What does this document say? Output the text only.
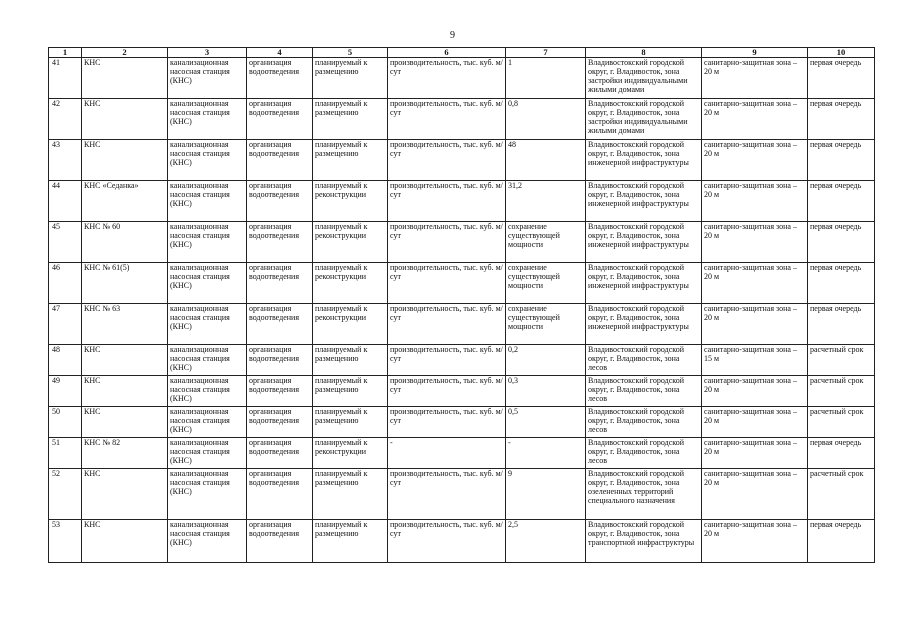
9
1	2	3	4	5	6	7	8	9	10
41	КНС	канализационная насосная станция (КНС)	организация водоотведения	планируемый к размещению	производительность, тыс. куб. м/сут	1	Владивостокский городской округ, г. Владивосток, зона застройки индивидуальными жилыми домами	санитарно-защитная зона – 20 м	первая очередь
42	КНС	канализационная насосная станция (КНС)	организация водоотведения	планируемый к размещению	производительность, тыс. куб. м/сут	0,8	Владивостокский городской округ, г. Владивосток, зона застройки индивидуальными жилыми домами	санитарно-защитная зона – 20 м	первая очередь
43	КНС	канализационная насосная станция (КНС)	организация водоотведения	планируемый к размещению	производительность, тыс. куб. м/сут	48	Владивостокский городской округ, г. Владивосток, зона инженерной инфраструктуры	санитарно-защитная зона – 20 м	первая очередь
44	КНС «Седанка»	канализационная насосная станция (КНС)	организация водоотведения	планируемый к реконструкции	производительность, тыс. куб. м/сут	31,2	Владивостокский городской округ, г. Владивосток, зона инженерной инфраструктуры	санитарно-защитная зона – 20 м	первая очередь
45	КНС № 60	канализационная насосная станция (КНС)	организация водоотведения	планируемый к реконструкции	производительность, тыс. куб. м/сут	сохранение существующей мощности	Владивостокский городской округ, г. Владивосток, зона инженерной инфраструктуры	санитарно-защитная зона – 20 м	первая очередь
46	КНС № 61(5)	канализационная насосная станция (КНС)	организация водоотведения	планируемый к реконструкции	производительность, тыс. куб. м/сут	сохранение существующей мощности	Владивостокский городской округ, г. Владивосток, зона инженерной инфраструктуры	санитарно-защитная зона – 20 м	первая очередь
47	КНС № 63	канализационная насосная станция (КНС)	организация водоотведения	планируемый к реконструкции	производительность, тыс. куб. м/сут	сохранение существующей мощности	Владивостокский городской округ, г. Владивосток, зона инженерной инфраструктуры	санитарно-защитная зона – 20 м	первая очередь
48	КНС	канализационная насосная станция (КНС)	организация водоотведения	планируемый к размещению	производительность, тыс. куб. м/сут	0,2	Владивостокский городской округ, г. Владивосток, зона лесов	санитарно-защитная зона – 15 м	расчетный срок
49	КНС	канализационная насосная станция (КНС)	организация водоотведения	планируемый к размещению	производительность, тыс. куб. м/сут	0,3	Владивостокский городской округ, г. Владивосток, зона лесов	санитарно-защитная зона – 20 м	расчетный срок
50	КНС	канализационная насосная станция (КНС)	организация водоотведения	планируемый к размещению	производительность, тыс. куб. м/сут	0,5	Владивостокский городской округ, г. Владивосток, зона лесов	санитарно-защитная зона – 20 м	расчетный срок
51	КНС № 82	канализационная насосная станция (КНС)	организация водоотведения	планируемый к реконструкции	-	-	Владивостокский городской округ, г. Владивосток, зона лесов	санитарно-защитная зона – 20 м	первая очередь
52	КНС	канализационная насосная станция (КНС)	организация водоотведения	планируемый к размещению	производительность, тыс. куб. м/сут	9	Владивостокский городской округ, г. Владивосток, зона озелененных территорий специального назначения	санитарно-защитная зона – 20 м	расчетный срок
53	КНС	канализационная насосная станция (КНС)	организация водоотведения	планируемый к размещению	производительность, тыс. куб. м/сут	2,5	Владивостокский городской округ, г. Владивосток, зона транспортной инфраструктуры	санитарно-защитная зона – 20 м	первая очередь
